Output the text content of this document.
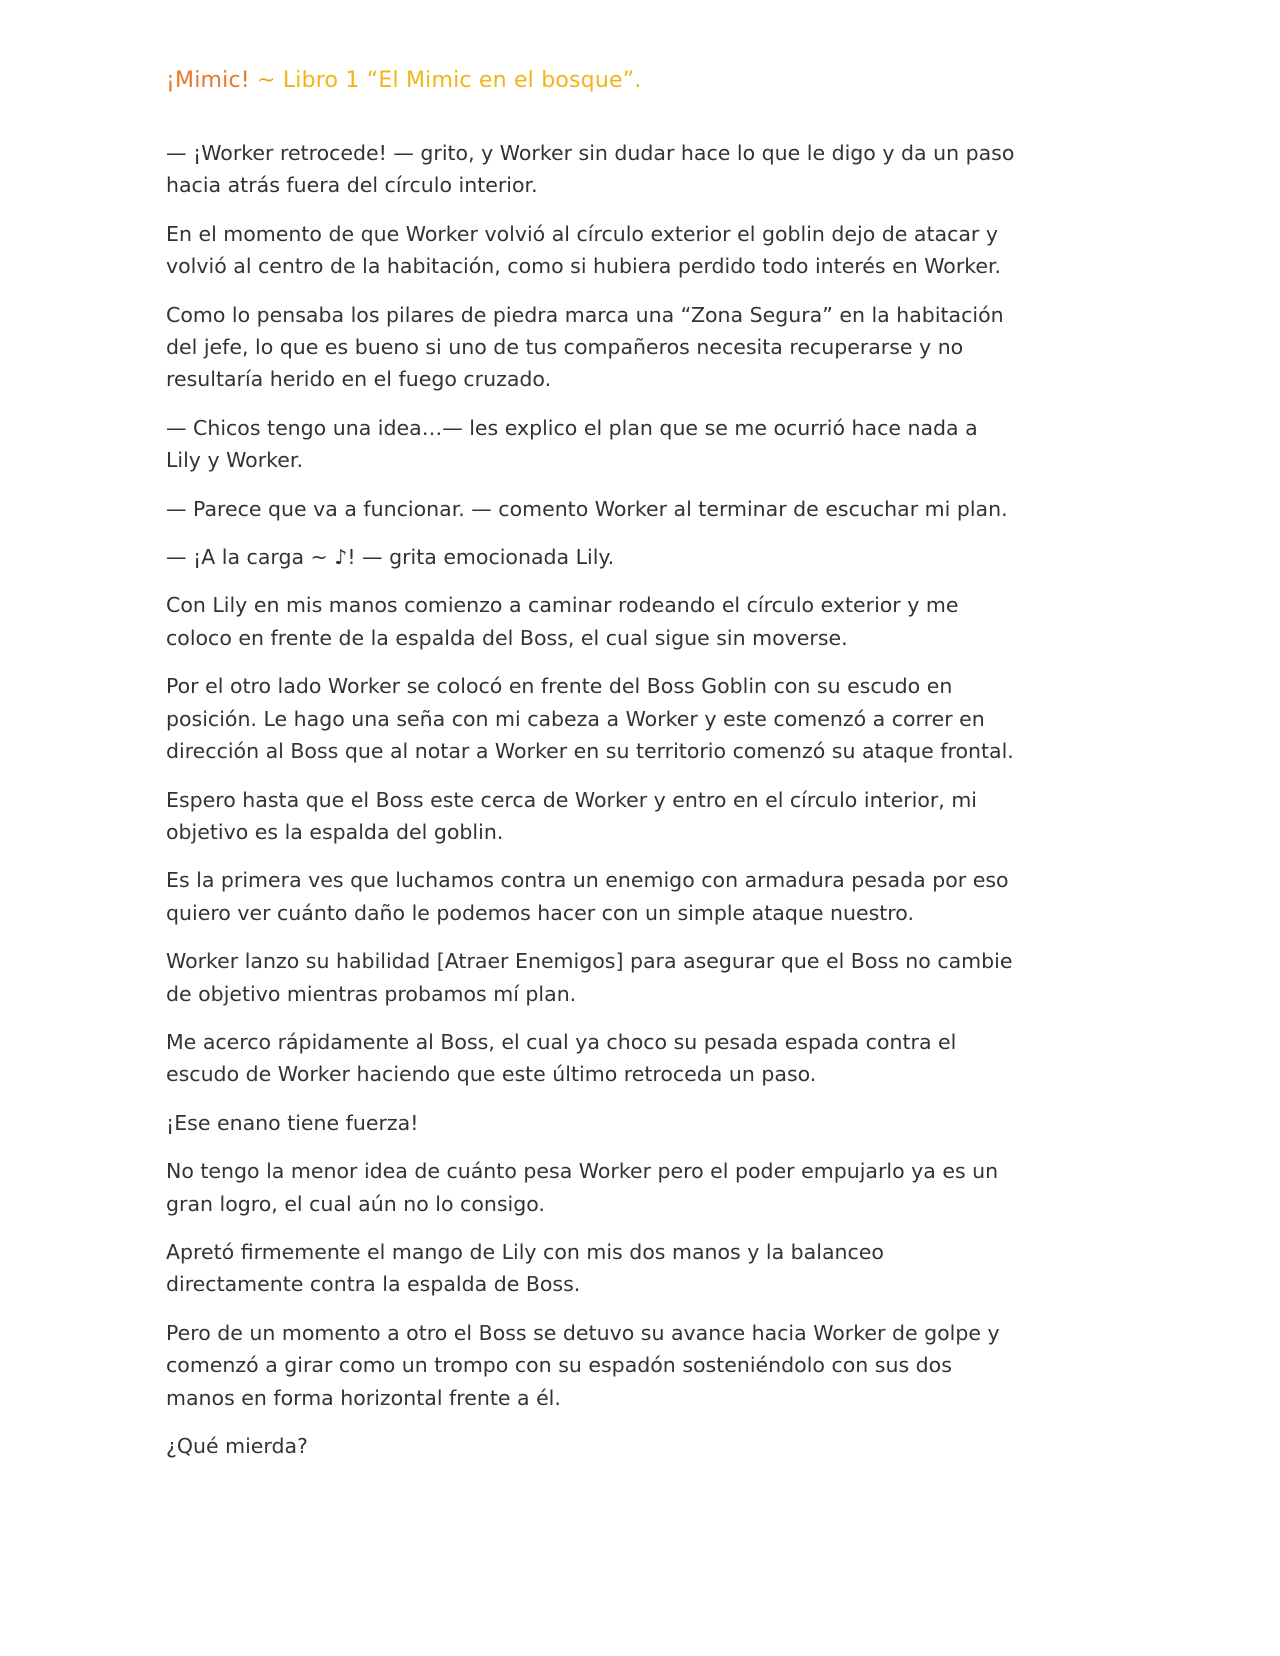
¡Mimic! ~ Libro 1 “El Mimic en el bosque”.

— ¡Worker retrocede! — grito, y Worker sin dudar hace lo que le digo y da un paso hacia atrás fuera del círculo interior.

En el momento de que Worker volvió al círculo exterior el goblin dejo de atacar y volvió al centro de la habitación, como si hubiera perdido todo interés en Worker.

Como lo pensaba los pilares de piedra marca una “Zona Segura” en la habitación del jefe, lo que es bueno si uno de tus compañeros necesita recuperarse y no resultaría herido en el fuego cruzado.

— Chicos tengo una idea…— les explico el plan que se me ocurrió hace nada a Lily y Worker.

— Parece que va a funcionar. — comento Worker al terminar de escuchar mi plan.

— ¡A la carga ~ ♪! — grita emocionada Lily.

Con Lily en mis manos comienzo a caminar rodeando el círculo exterior y me coloco en frente de la espalda del Boss, el cual sigue sin moverse.

Por el otro lado Worker se colocó en frente del Boss Goblin con su escudo en posición. Le hago una seña con mi cabeza a Worker y este comenzó a correr en dirección al Boss que al notar a Worker en su territorio comenzó su ataque frontal.

Espero hasta que el Boss este cerca de Worker y entro en el círculo interior, mi objetivo es la espalda del goblin.

Es la primera ves que luchamos contra un enemigo con armadura pesada por eso quiero ver cuánto daño le podemos hacer con un simple ataque nuestro.

Worker lanzo su habilidad [Atraer Enemigos] para asegurar que el Boss no cambie de objetivo mientras probamos mí plan.

Me acerco rápidamente al Boss, el cual ya choco su pesada espada contra el escudo de Worker haciendo que este último retroceda un paso.

¡Ese enano tiene fuerza!

No tengo la menor idea de cuánto pesa Worker pero el poder empujarlo ya es un gran logro, el cual aún no lo consigo.

Apretó firmemente el mango de Lily con mis dos manos y la balanceo directamente contra la espalda de Boss.

Pero de un momento a otro el Boss se detuvo su avance hacia Worker de golpe y comenzó a girar como un trompo con su espadón sosteniéndolo con sus dos manos en forma horizontal frente a él.

¿Qué mierda?
